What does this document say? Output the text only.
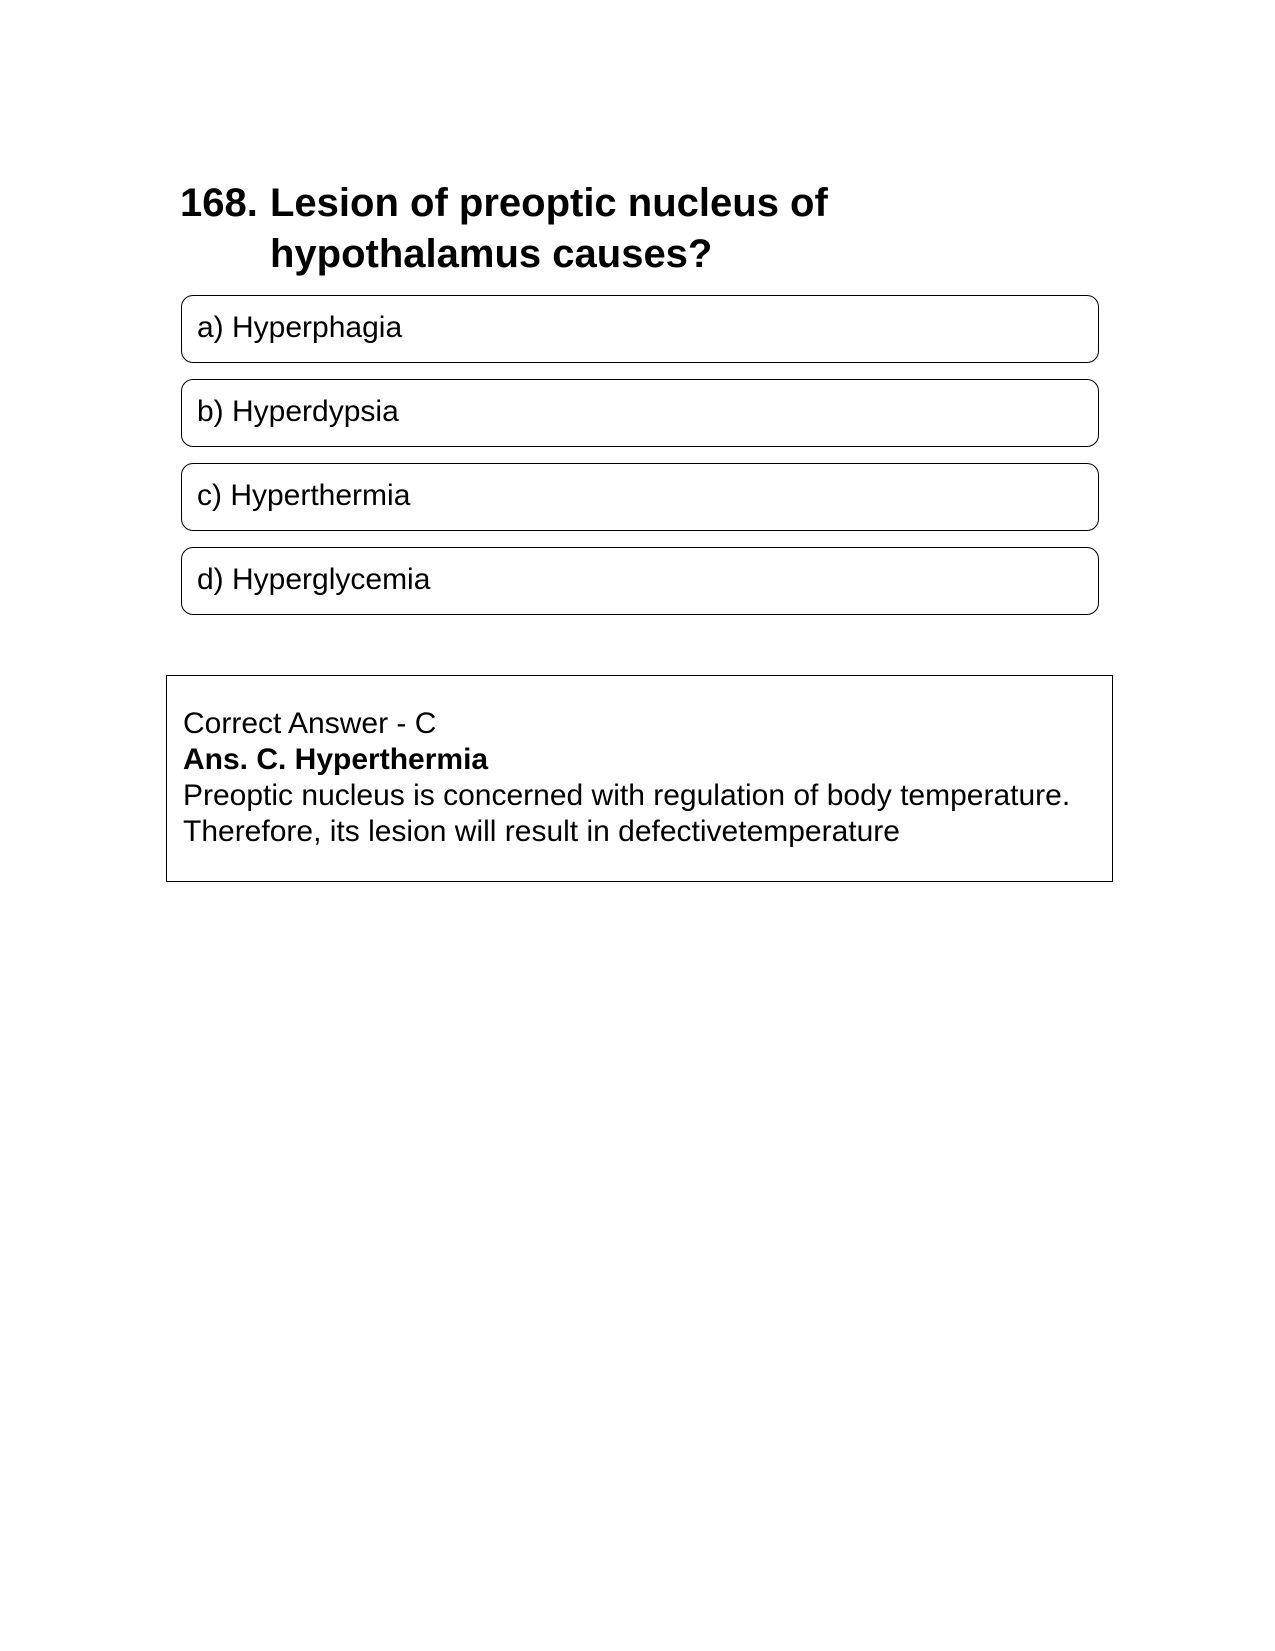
168. Lesion of preoptic nucleus of hypothalamus causes?
a) Hyperphagia
b) Hyperdypsia
c) Hyperthermia
d) Hyperglycemia
Correct Answer - C
Ans. C. Hyperthermia
Preoptic nucleus is concerned with regulation of body temperature.
Therefore, its lesion will result in defectivetemperature
